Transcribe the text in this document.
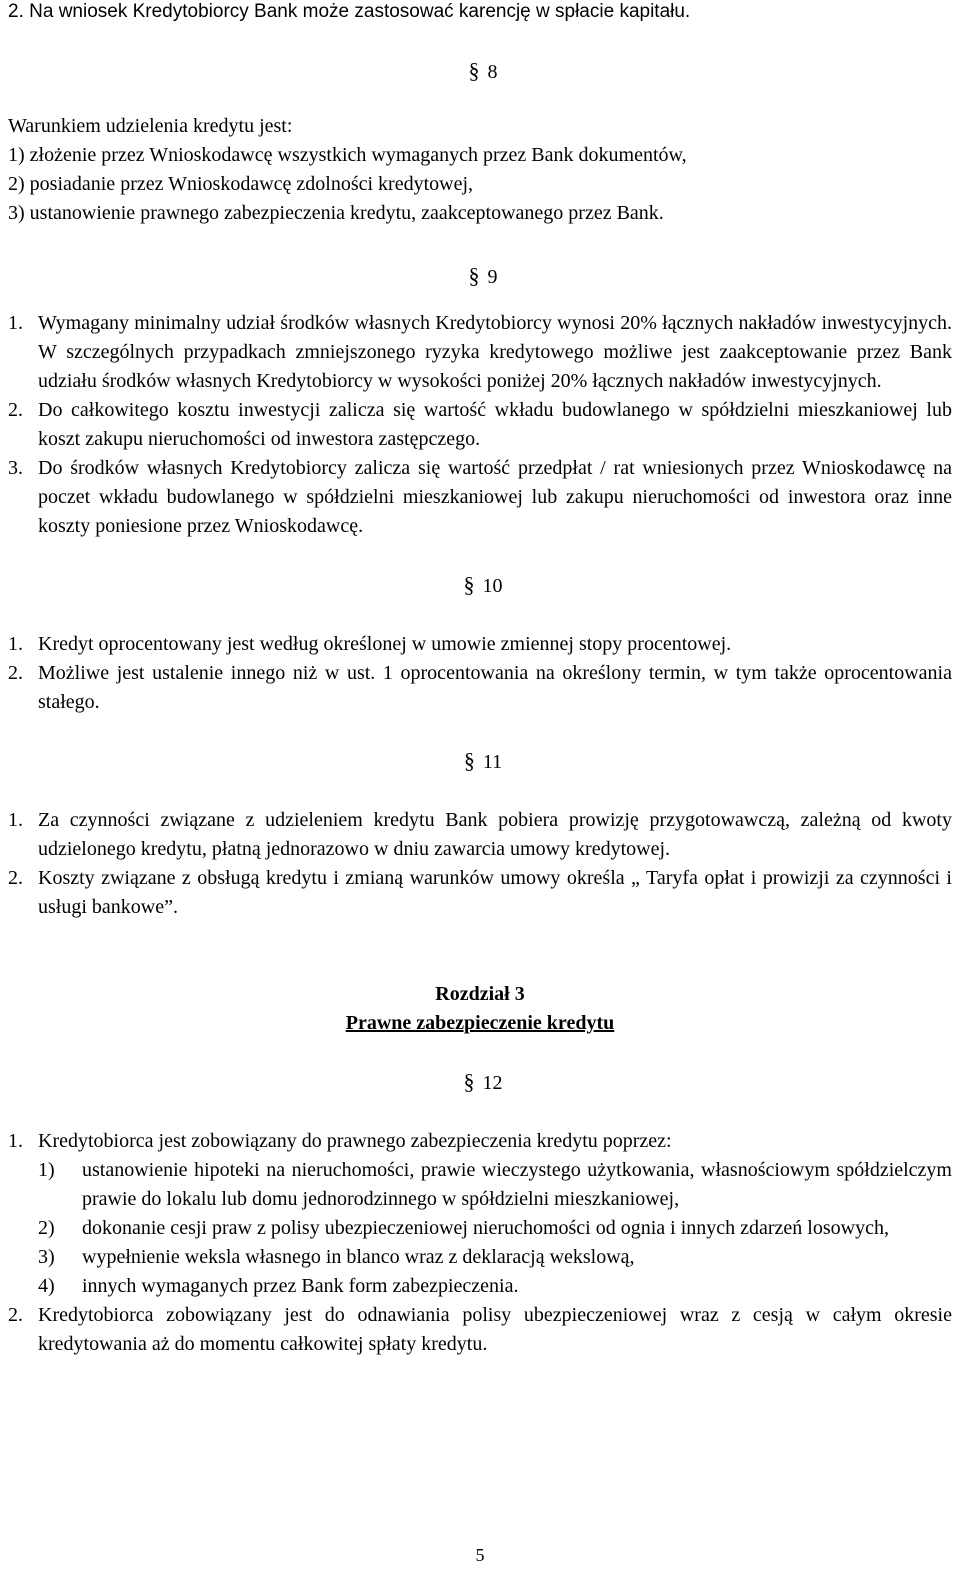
2. Na wniosek Kredytobiorcy Bank może zastosować karencję w spłacie kapitału.

§ 8

Warunkiem udzielenia kredytu jest:

1) złożenie przez Wnioskodawcę wszystkich wymaganych przez Bank dokumentów,

2) posiadanie przez Wnioskodawcę zdolności kredytowej,

3) ustanowienie prawnego zabezpieczenia kredytu, zaakceptowanego przez Bank.

§ 9

1. Wymagany minimalny udział środków własnych Kredytobiorcy wynosi 20% łącznych nakładów inwestycyjnych. W szczególnych przypadkach zmniejszonego ryzyka kredytowego możliwe jest zaakceptowanie przez Bank udziału środków własnych Kredytobiorcy w wysokości poniżej 20% łącznych nakładów inwestycyjnych.
2. Do całkowitego kosztu inwestycji zalicza się wartość wkładu budowlanego w spółdzielni mieszkaniowej lub koszt zakupu nieruchomości od inwestora zastępczego.
3. Do środków własnych Kredytobiorcy zalicza się wartość przedpłat / rat wniesionych przez Wnioskodawcę na poczet wkładu budowlanego w spółdzielni mieszkaniowej lub zakupu nieruchomości od inwestora oraz inne koszty poniesione przez Wnioskodawcę.

§ 10

1. Kredyt oprocentowany jest według określonej w umowie zmiennej stopy procentowej.
2. Możliwe jest ustalenie innego niż w ust. 1 oprocentowania na określony termin, w tym także oprocentowania stałego.

§ 11

1. Za czynności związane z udzieleniem kredytu Bank pobiera prowizję przygotowawczą, zależną od kwoty udzielonego kredytu, płatną jednorazowo w dniu zawarcia umowy kredytowej.
2. Koszty związane z obsługą kredytu i zmianą warunków umowy określa „ Taryfa opłat i prowizji za czynności i usługi bankowe”.

Rozdział 3

Prawne zabezpieczenie kredytu

§ 12

1. Kredytobiorca jest zobowiązany do prawnego zabezpieczenia kredytu poprzez:
1)	ustanowienie hipoteki na nieruchomości, prawie wieczystego użytkowania, własnościowym spółdzielczym prawie do lokalu lub domu jednorodzinnego w spółdzielni mieszkaniowej,
2)	dokonanie cesji praw z polisy ubezpieczeniowej nieruchomości od ognia i innych zdarzeń losowych,
3)	wypełnienie weksla własnego in blanco wraz z deklaracją wekslową,
4)	innych wymaganych przez Bank form zabezpieczenia.
2. Kredytobiorca zobowiązany jest do odnawiania polisy ubezpieczeniowej wraz z cesją w całym okresie kredytowania aż do momentu całkowitej spłaty kredytu.
5
